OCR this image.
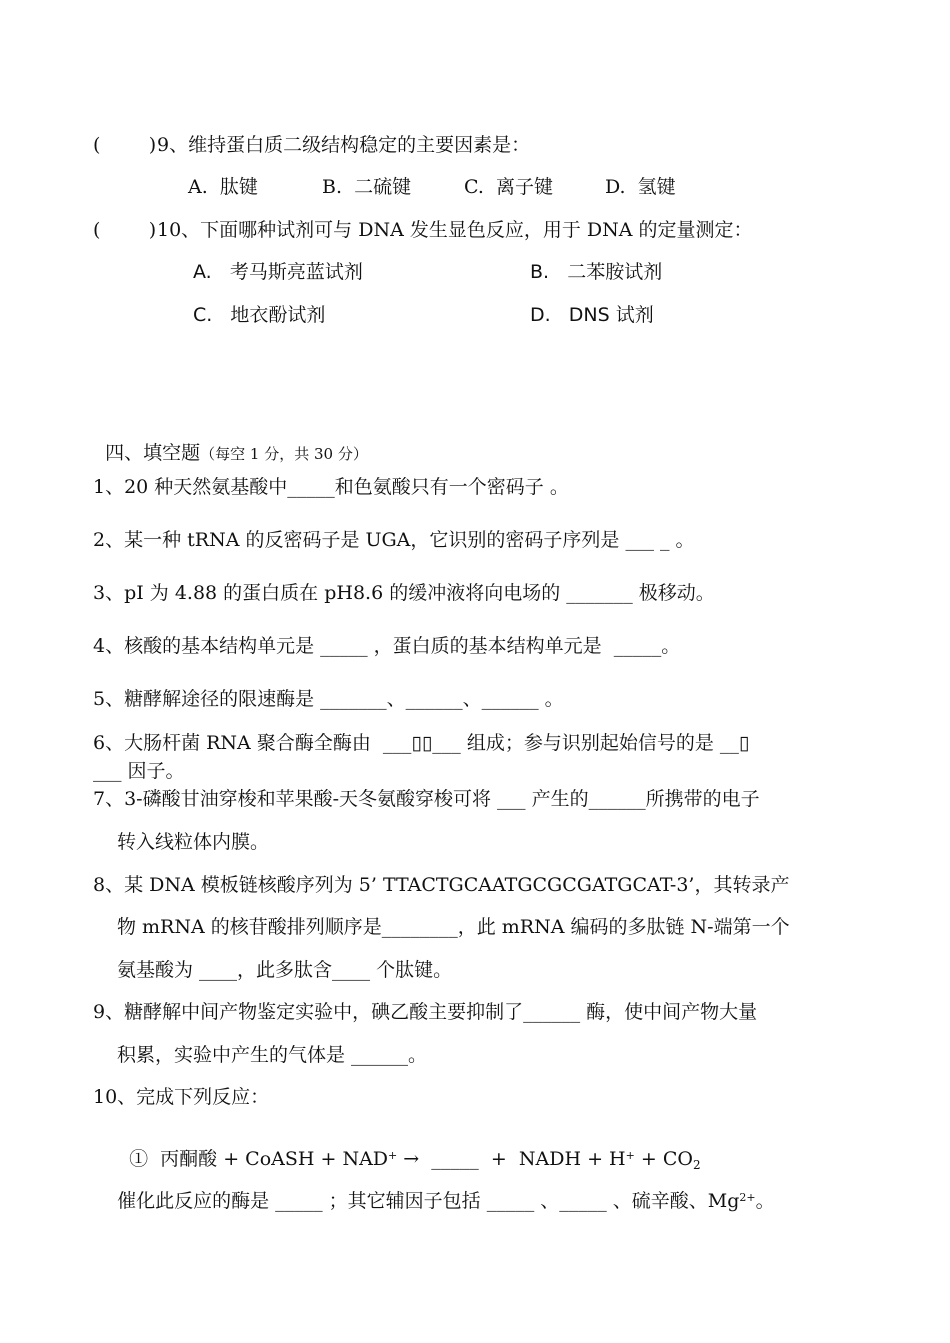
(        ) 9、维持蛋白质二级结构稳定的主要因素是：
A.  肽键	B.  二硫键	C.  离子键	D.  氢键
(        ) 10、下面哪种试剂可与 DNA 发生显色反应，用于 DNA 的定量测定：
A.   考马斯亮蓝试剂	B.   二苯胺试剂
C.   地衣酚试剂	D.   DNS 试剂

四、填空题（每空 1 分，共 30 分）

1、20 种天然氨基酸中_____和色氨酸只有一个密码子 。
2、某一种 tRNA 的反密码子是 UGA，它识别的密码子序列是 ___ _ 。
3、pI 为 4.88 的蛋白质在 pH8.6 的缓冲液将向电场的 _______ 极移动。
4、核酸的基本结构单元是 _____ ，蛋白质的基本结构单元是  _____。
5、糖酵解途径的限速酶是 _______、______、______ 。
6、大肠杆菌 RNA 聚合酶全酶由  ___▯▯___ 组成；参与识别起始信号的是 __▯
___ 因子。
7、3-磷酸甘油穿梭和苹果酸-天冬氨酸穿梭可将 ___ 产生的______所携带的电子
转入线粒体内膜。
8、某 DNA 模板链核酸序列为 5’ TTACTGCAATGCGCGATGCAT-3’，其转录产
物 mRNA 的核苷酸排列顺序是________，此 mRNA 编码的多肽链 N-端第一个
氨基酸为 ____，此多肽含____ 个肽键。
9、糖酵解中间产物鉴定实验中，碘乙酸主要抑制了______ 酶，使中间产物大量
积累，实验中产生的气体是 ______。
10、完成下列反应：

①  丙酮酸 + CoASH + NAD+ →  _____  +  NADH + $H^+ + CO_2$

催化此反应的酶是 _____ ；其它辅因子包括 _____ 、_____ 、硫辛酸、$Mg^{2+}$。
